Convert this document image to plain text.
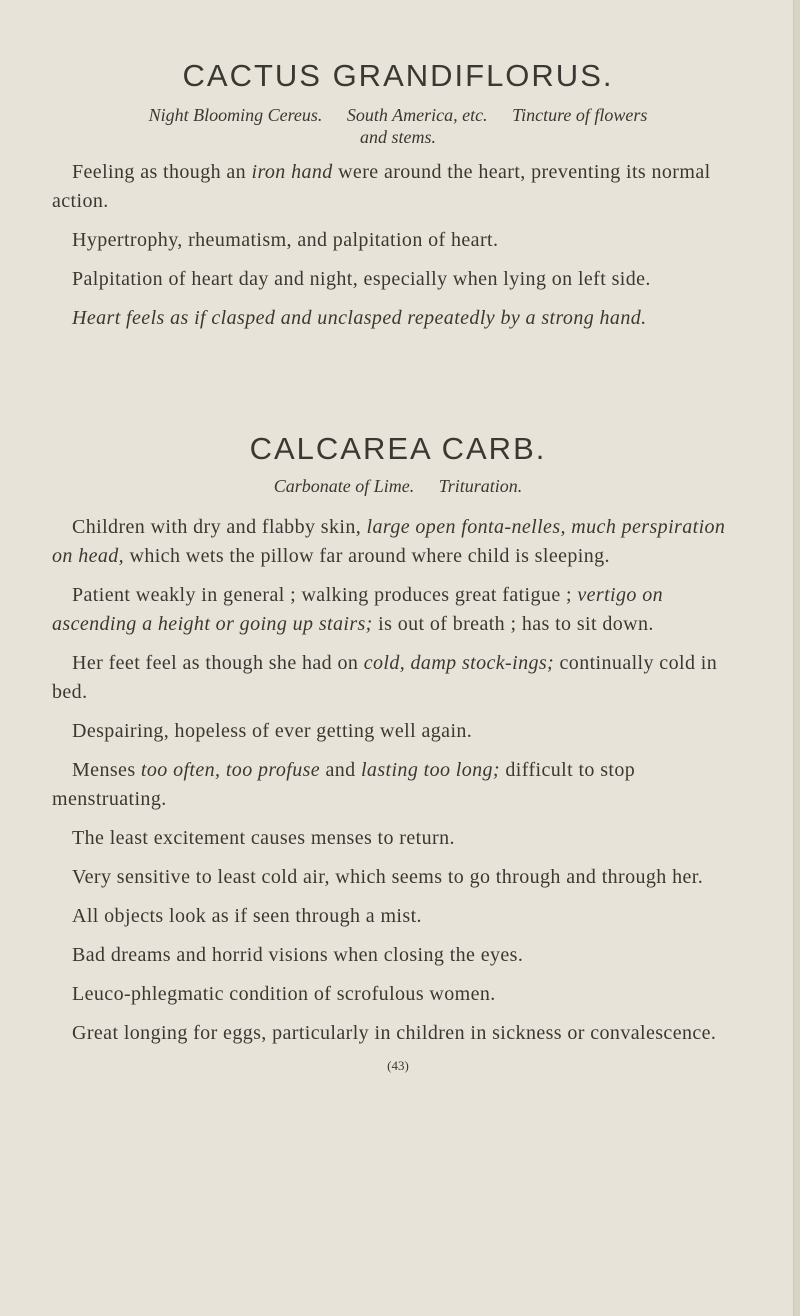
CACTUS GRANDIFLORUS.
Night Blooming Cereus. South America, etc. Tincture of flowers
and stems.

Feeling as though an iron hand were around the heart, preventing its normal action.

Hypertrophy, rheumatism, and palpitation of heart.

Palpitation of heart day and night, especially when lying on left side.

Heart feels as if clasped and unclasped repeatedly by a strong hand.

CALCAREA CARB.
Carbonate of Lime. Trituration.

Children with dry and flabby skin, large open fonta-nelles, much perspiration on head, which wets the pillow far around where child is sleeping.

Patient weakly in general ; walking produces great fatigue ; vertigo on ascending a height or going up stairs; is out of breath ; has to sit down.

Her feet feel as though she had on cold, damp stock-ings; continually cold in bed.

Despairing, hopeless of ever getting well again.

Menses too often, too profuse and lasting too long; difficult to stop menstruating.

The least excitement causes menses to return.

Very sensitive to least cold air, which seems to go through and through her.

All objects look as if seen through a mist.

Bad dreams and horrid visions when closing the eyes.

Leuco-phlegmatic condition of scrofulous women.

Great longing for eggs, particularly in children in sickness or convalescence.

(43)
